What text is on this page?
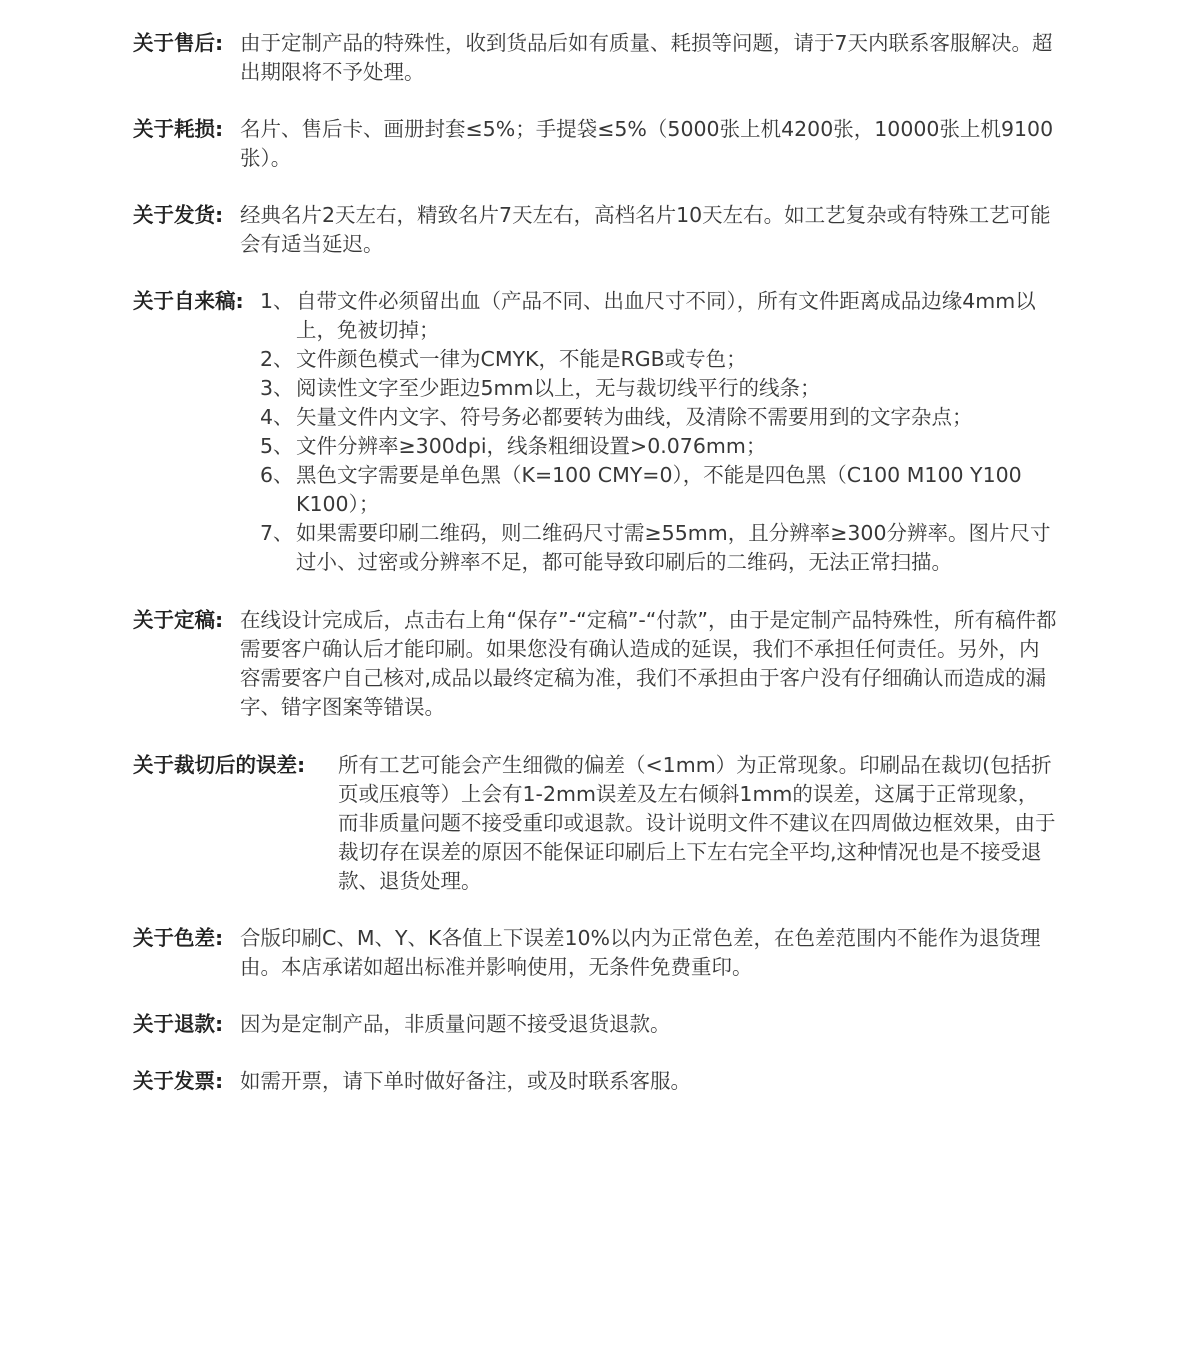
关于售后: 由于定制产品的特殊性，收到货品后如有质量、耗损等问题，请于7天内联系客服解决。超出期限将不予处理。
关于耗损: 名片、售后卡、画册封套≤5%；手提袋≤5%（5000张上机4200张，10000张上机9100张）。
关于发货: 经典名片2天左右，精致名片7天左右，高档名片10天左右。如工艺复杂或有特殊工艺可能会有适当延迟。
关于自来稿: 1、 自带文件必须留出血（产品不同、出血尺寸不同），所有文件距离成品边缘4mm以上，免被切掉；
2、 文件颜色模式一律为CMYK，不能是RGB或专色；
3、 阅读性文字至少距边5mm以上，无与裁切线平行的线条；
4、 矢量文件内文字、符号务必都要转为曲线，及清除不需要用到的文字杂点；
5、 文件分辨率≥300dpi，线条粗细设置>0.076mm；
6、 黑色文字需要是单色黑（K=100 CMY=0），不能是四色黑（C100 M100 Y100 K100）；
7、 如果需要印刷二维码，则二维码尺寸需≥55mm，且分辨率≥300分辨率。图片尺寸过小、过密或分辨率不足，都可能导致印刷后的二维码，无法正常扫描。
关于定稿: 在线设计完成后，点击右上角“保存”-“定稿”-“付款”，由于是定制产品特殊性，所有稿件都需要客户确认后才能印刷。如果您没有确认造成的延误，我们不承担任何责任。另外，内容需要客户自己核对,成品以最终定稿为准，我们不承担由于客户没有仔细确认而造成的漏字、错字图案等错误。
关于裁切后的误差:	所有工艺可能会产生细微的偏差（<1mm）为正常现象。印刷品在裁切(包括折页或压痕等）上会有1-2mm误差及左右倾斜1mm的误差，这属于正常现象，而非质量问题不接受重印或退款。设计说明文件不建议在四周做边框效果，由于裁切存在误差的原因不能保证印刷后上下左右完全平均,这种情况也是不接受退款、退货处理。
关于色差: 合版印刷C、M、Y、K各值上下误差10%以内为正常色差，在色差范围内不能作为退货理由。本店承诺如超出标准并影响使用，无条件免费重印。
关于退款: 因为是定制产品，非质量问题不接受退货退款。
关于发票: 如需开票，请下单时做好备注，或及时联系客服。
